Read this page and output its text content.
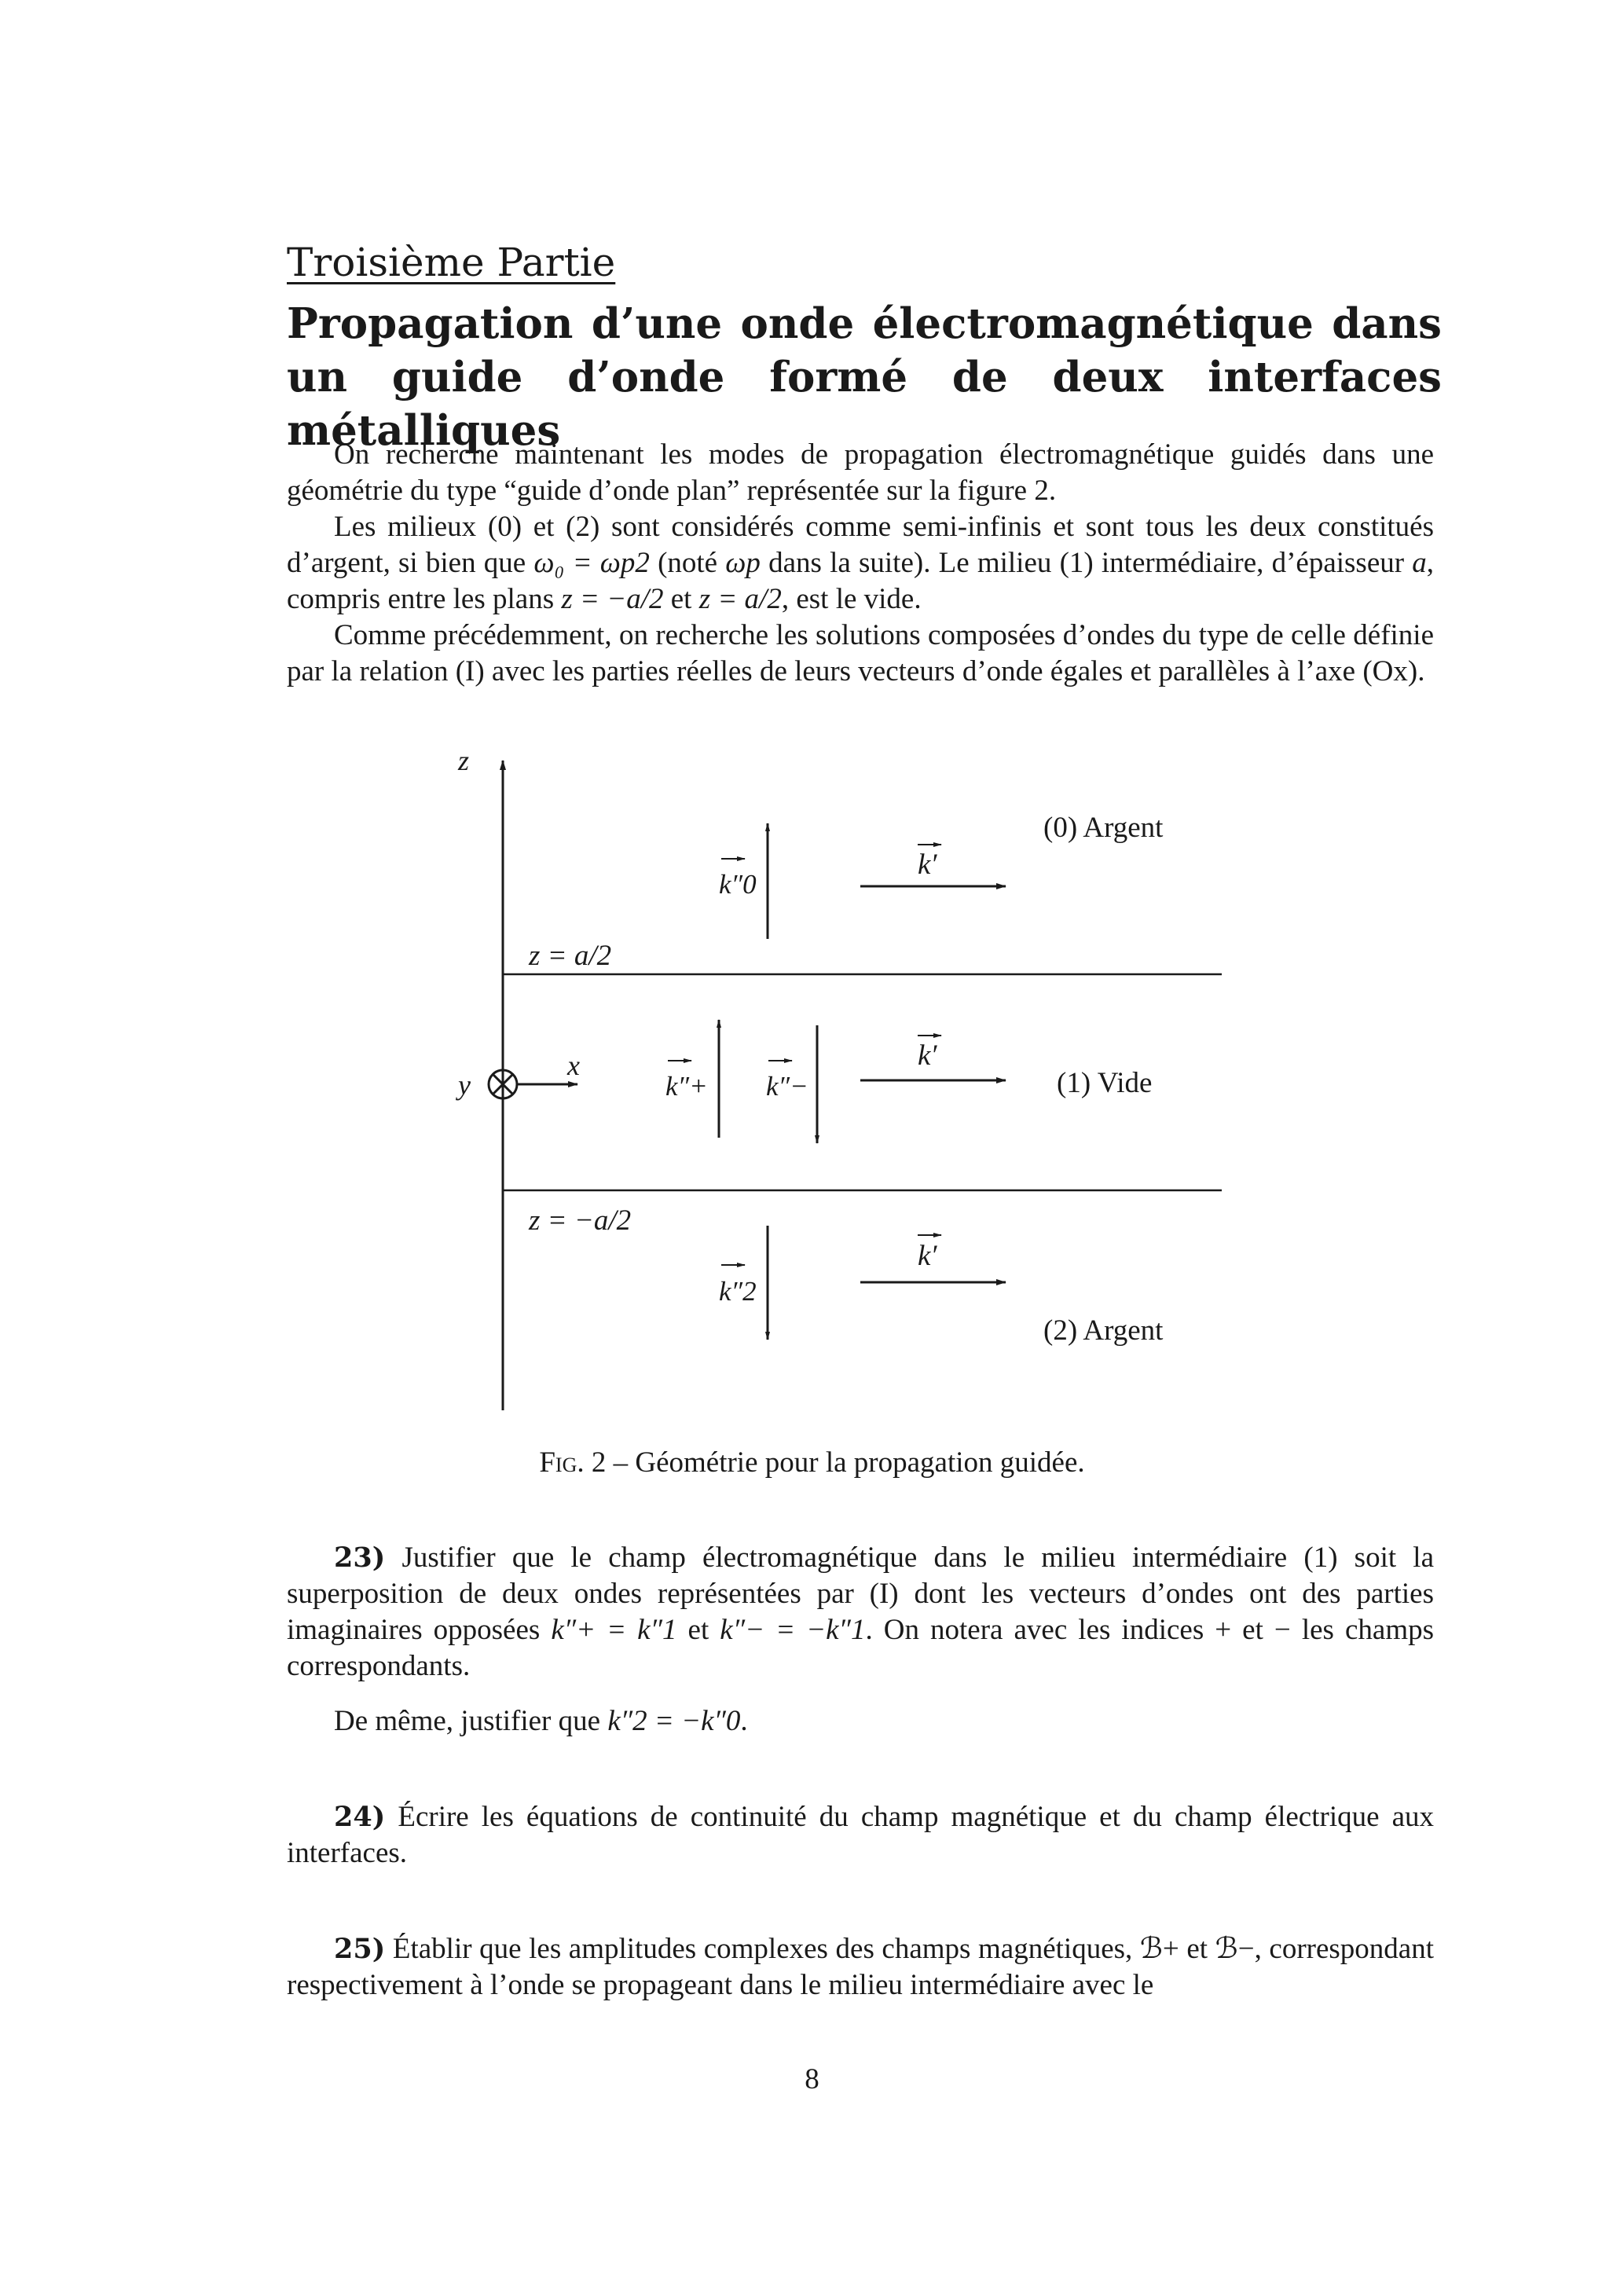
Troisième Partie
Propagation d’une onde électromagnétique dans un guide d’onde formé de deux interfaces métalliques

On recherche maintenant les modes de propagation électromagnétique guidés dans une géométrie du type “guide d’onde plan” représentée sur la figure 2.

Les milieux (0) et (2) sont considérés comme semi-infinis et sont tous les deux constitués d’argent, si bien que ω₀ = ωp2 (noté ωp dans la suite). Le milieu (1) intermédiaire, d’épaisseur a, compris entre les plans z = −a/2 et z = a/2, est le vide.

Comme précédemment, on recherche les solutions composées d’ondes du type de celle définie par la relation (I) avec les parties réelles de leurs vecteurs d’onde égales et parallèles à l’axe (Ox).

z
z = a/2
z = −a/2
x
y
(0) Argent
(1) Vide
(2) Argent
k′
k′
k′
k″0
k″+ k″−
k″2

Fig. 2 – Géométrie pour la propagation guidée.

23) Justifier que le champ électromagnétique dans le milieu intermédiaire (1) soit la superposition de deux ondes représentées par (I) dont les vecteurs d’ondes ont des parties imaginaires opposées k″+ = k″1 et k″− = −k″1. On notera avec les indices + et − les champs correspondants.

De même, justifier que k″2 = −k″0.

24) Écrire les équations de continuité du champ magnétique et du champ électrique aux interfaces.

25) Établir que les amplitudes complexes des champs magnétiques, ℬ+ et ℬ−, correspondant respectivement à l’onde se propageant dans le milieu intermédiaire avec le

8
